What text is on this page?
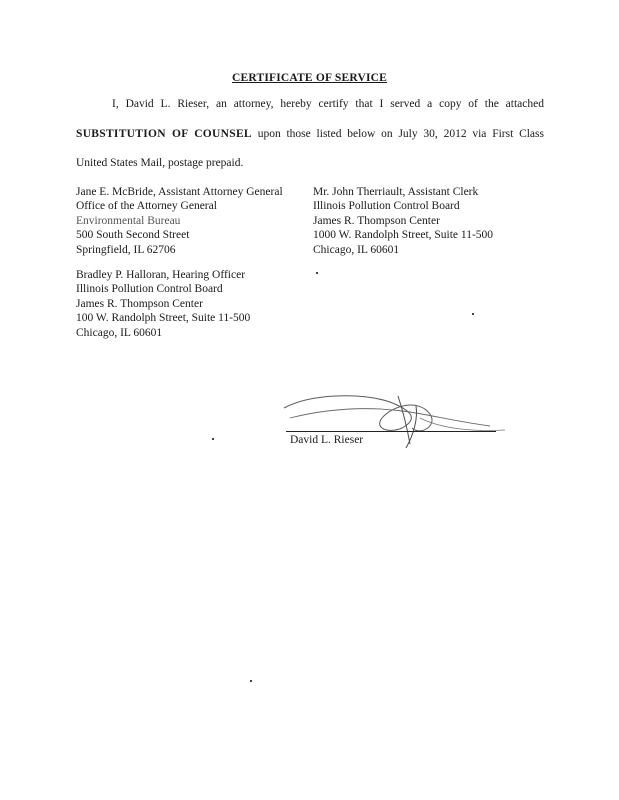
CERTIFICATE OF SERVICE
I, David L. Rieser, an attorney, hereby certify that I served a copy of the attached
SUBSTITUTION OF COUNSEL upon those listed below on July 30, 2012 via First Class
United States Mail, postage prepaid.
Jane E. McBride, Assistant Attorney General
Office of the Attorney General
Environmental Bureau
500 South Second Street
Springfield, IL 62706
Mr. John Therriault, Assistant Clerk
Illinois Pollution Control Board
James R. Thompson Center
1000 W. Randolph Street, Suite 11-500
Chicago, IL 60601
Bradley P. Halloran, Hearing Officer
Illinois Pollution Control Board
James R. Thompson Center
100 W. Randolph Street, Suite 11-500
Chicago, IL 60601
David L. Rieser
